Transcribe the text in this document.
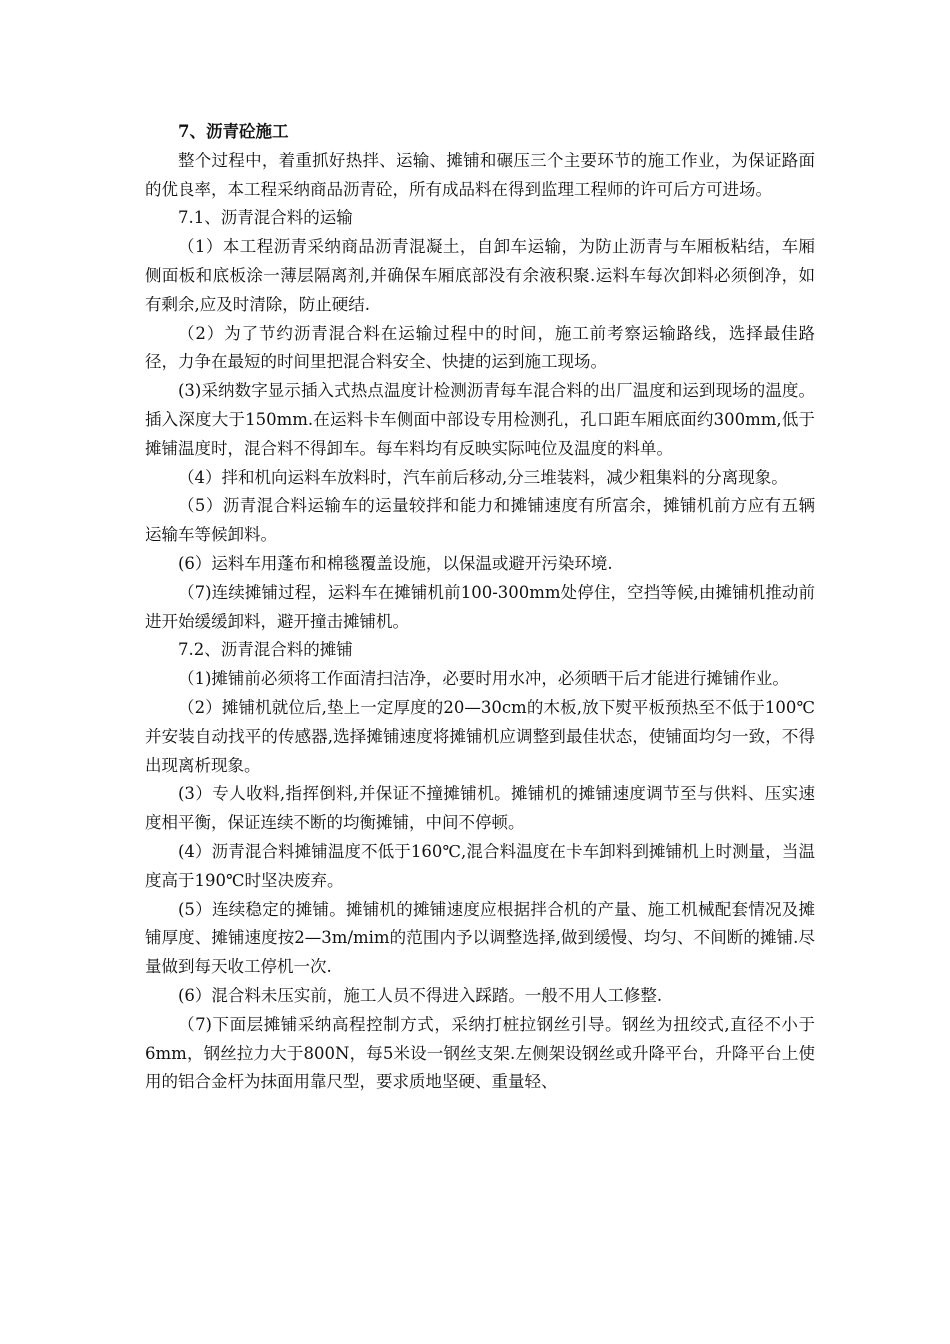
7、沥青砼施工

整个过程中，着重抓好热拌、运输、摊铺和碾压三个主要环节的施工作业，为保证路面的优良率，本工程采纳商品沥青砼，所有成品料在得到监理工程师的许可后方可进场。

7.1、沥青混合料的运输

（1）本工程沥青采纳商品沥青混凝土，自卸车运输，为防止沥青与车厢板粘结，车厢侧面板和底板涂一薄层隔离剂,并确保车厢底部没有余液积聚.运料车每次卸料必须倒净，如有剩余,应及时清除，防止硬结.

（2）为了节约沥青混合料在运输过程中的时间，施工前考察运输路线，选择最佳路径，力争在最短的时间里把混合料安全、快捷的运到施工现场。

(3)采纳数字显示插入式热点温度计检测沥青每车混合料的出厂温度和运到现场的温度。插入深度大于150mm.在运料卡车侧面中部设专用检测孔，孔口距车厢底面约300mm,低于摊铺温度时，混合料不得卸车。每车料均有反映实际吨位及温度的料单。

（4）拌和机向运料车放料时，汽车前后移动,分三堆装料，减少粗集料的分离现象。

（5）沥青混合料运输车的运量较拌和能力和摊铺速度有所富余，摊铺机前方应有五辆运输车等候卸料。

(6）运料车用蓬布和棉毯覆盖设施，以保温或避开污染环境.

（7)连续摊铺过程，运料车在摊铺机前100-300mm处停住，空挡等候,由摊铺机推动前进开始缓缓卸料，避开撞击摊铺机。

7.2、沥青混合料的摊铺

（1)摊铺前必须将工作面清扫洁净，必要时用水冲，必须晒干后才能进行摊铺作业。

（2）摊铺机就位后,垫上一定厚度的20—30cm的木板,放下熨平板预热至不低于100℃并安装自动找平的传感器,选择摊铺速度将摊铺机应调整到最佳状态，使铺面均匀一致，不得出现离析现象。

(3）专人收料,指挥倒料,并保证不撞摊铺机。摊铺机的摊铺速度调节至与供料、压实速度相平衡，保证连续不断的均衡摊铺，中间不停顿。

(4）沥青混合料摊铺温度不低于160℃,混合料温度在卡车卸料到摊铺机上时测量，当温度高于190℃时坚决废弃。

(5）连续稳定的摊铺。摊铺机的摊铺速度应根据拌合机的产量、施工机械配套情况及摊铺厚度、摊铺速度按2—3m/mim的范围内予以调整选择,做到缓慢、均匀、不间断的摊铺.尽量做到每天收工停机一次.

(6）混合料未压实前，施工人员不得进入踩踏。一般不用人工修整.

（7)下面层摊铺采纳高程控制方式，采纳打桩拉钢丝引导。钢丝为扭绞式,直径不小于6mm，钢丝拉力大于800N，每5米设一钢丝支架.左侧架设钢丝或升降平台，升降平台上使用的铝合金杆为抹面用靠尺型，要求质地坚硬、重量轻、
